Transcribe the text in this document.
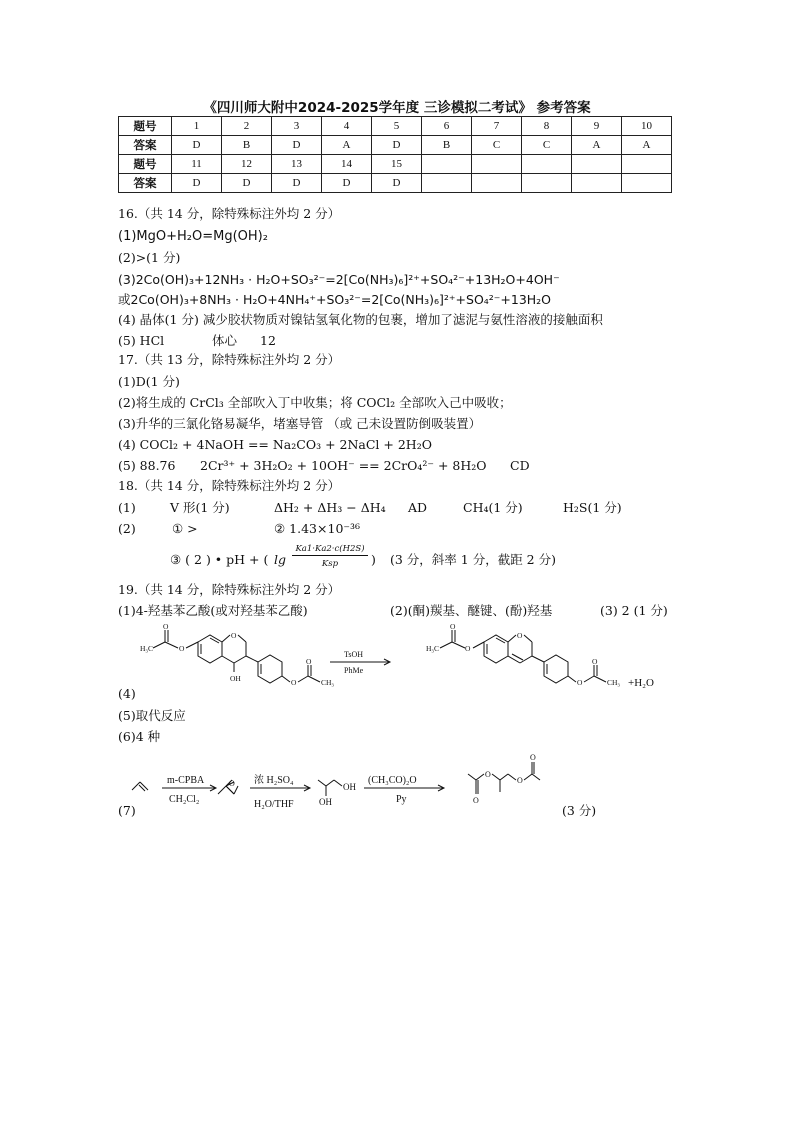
《四川师大附中2024-2025学年度 三诊模拟二考试》 参考答案
题号	1	2	3	4	5	6	7	8	9	10
答案	D	B	D	A	D	B	C	C	A	A
题号	11	12	13	14	15					
答案	D	D	D	D	D					
16.（共 14 分，除特殊标注外均 2 分）
(1)MgO+H₂O=Mg(OH)₂
(2)>(1 分)
(3)2Co(OH)₃+12NH₃ · H₂O+SO₃²⁻=2[Co(NH₃)₆]²⁺+SO₄²⁻+13H₂O+4OH⁻
或2Co(OH)₃+8NH₃ · H₂O+4NH₄⁺+SO₃²⁻=2[Co(NH₃)₆]²⁺+SO₄²⁻+13H₂O
(4) 晶体(1 分) 减少胶状物质对镍钴氢氧化物的包裹，增加了滤泥与氨性溶液的接触面积
(5) HCl	体心 12
17.（共 13 分，除特殊标注外均 2 分）
(1)D(1 分)
(2)将生成的 CrCl₃ 全部吹入丁中收集；将 COCl₂ 全部吹入己中吸收；
(3)升华的三氯化铬易凝华，堵塞导管 （或 己未设置防倒吸装置）
(4) COCl₂ + 4NaOH == Na₂CO₃ + 2NaCl + 2H₂O
(5) 88.76 2Cr³⁺ + 3H₂O₂ + 10OH⁻ == 2CrO₄²⁻ + 8H₂O CD
18.（共 14 分，除特殊标注外均 2 分）
(1)	V 形(1 分)	ΔH₂ + ΔH₃ − ΔH₄ AD	CH₄(1 分)	H₂S(1 分)
(2)	① >	② 1.43×10⁻³⁶
③ ( 2 ) • pH + ( lg
Ka1·Ka2·c(H2S)
Ksp	) (3 分，斜率 1 分，截距 2 分)
19.（共 14 分，除特殊标注外均 2 分）
(1)4-羟基苯乙酸(或对羟基苯乙酸)	(2)(酮)羰基、醚键、(酚)羟基	(3) 2 (1 分)
H₃C
O
O
O
OH	O
O
CH₃
TsOH
PhMe
H₃C
O
O
O
O
O
CH₃ +H₂O
(4)
(5)取代反应
(6)4 种
m-CPBA
CH₂Cl₂
O 浓 H₂SO₄
H₂O/THF	OH
OH
(CH₃CO)₂O
Py	O
O
O
O
(7)	(3 分)
